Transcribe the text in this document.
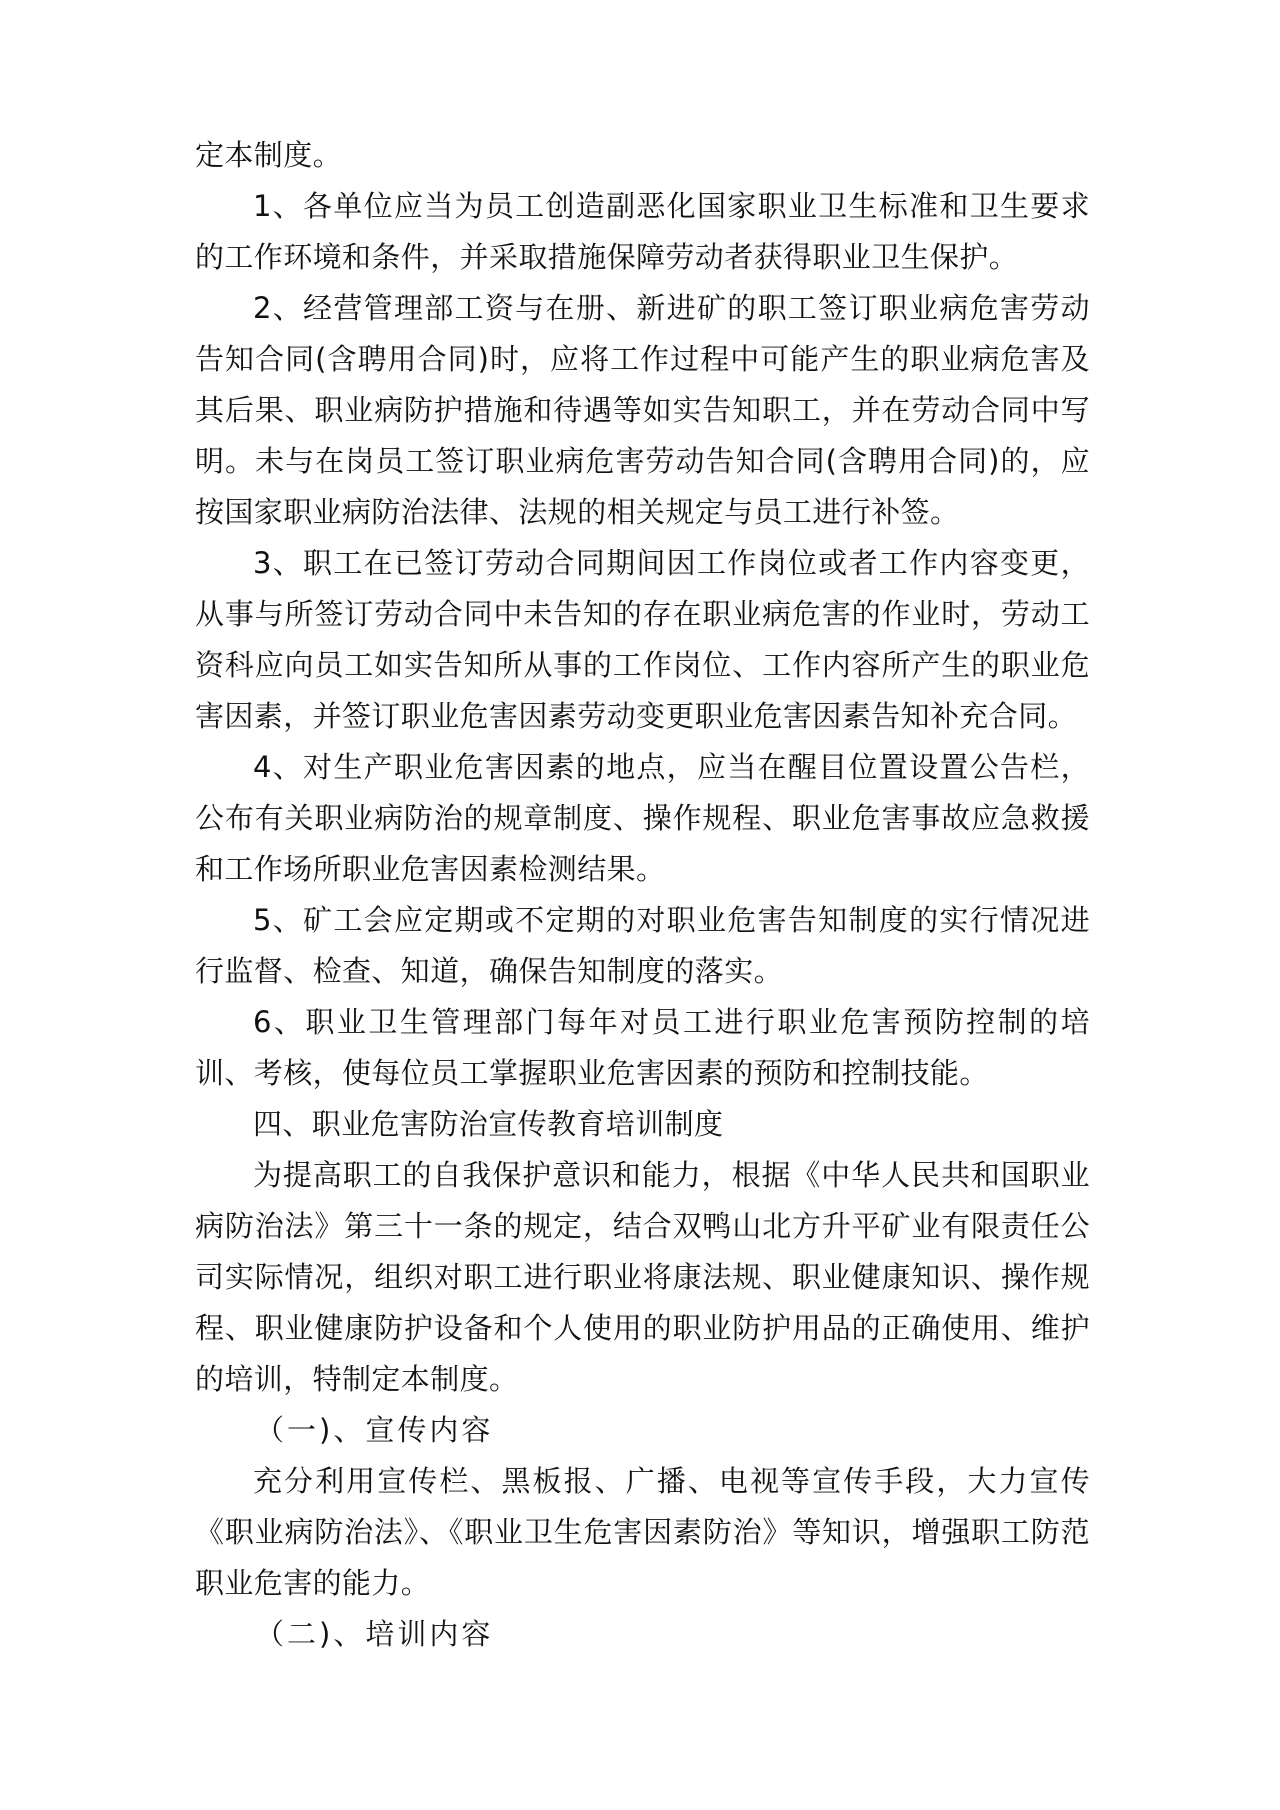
定本制度。

1、各单位应当为员工创造副恶化国家职业卫生标准和卫生要求的工作环境和条件，并采取措施保障劳动者获得职业卫生保护。

2、经营管理部工资与在册、新进矿的职工签订职业病危害劳动告知合同(含聘用合同)时，应将工作过程中可能产生的职业病危害及其后果、职业病防护措施和待遇等如实告知职工，并在劳动合同中写明。未与在岗员工签订职业病危害劳动告知合同(含聘用合同)的，应按国家职业病防治法律、法规的相关规定与员工进行补签。

3、职工在已签订劳动合同期间因工作岗位或者工作内容变更，从事与所签订劳动合同中未告知的存在职业病危害的作业时，劳动工资科应向员工如实告知所从事的工作岗位、工作内容所产生的职业危害因素，并签订职业危害因素劳动变更职业危害因素告知补充合同。

4、对生产职业危害因素的地点，应当在醒目位置设置公告栏，公布有关职业病防治的规章制度、操作规程、职业危害事故应急救援和工作场所职业危害因素检测结果。

5、矿工会应定期或不定期的对职业危害告知制度的实行情况进行监督、检查、知道，确保告知制度的落实。

6、职业卫生管理部门每年对员工进行职业危害预防控制的培训、考核，使每位员工掌握职业危害因素的预防和控制技能。

四、职业危害防治宣传教育培训制度

为提高职工的自我保护意识和能力，根据《中华人民共和国职业病防治法》第三十一条的规定，结合双鸭山北方升平矿业有限责任公司实际情况，组织对职工进行职业将康法规、职业健康知识、操作规程、职业健康防护设备和个人使用的职业防护用品的正确使用、维护的培训，特制定本制度。

（一)、宣传内容

充分利用宣传栏、黑板报、广播、电视等宣传手段，大力宣传《职业病防治法》、《职业卫生危害因素防治》等知识，增强职工防范职业危害的能力。

（二)、培训内容
